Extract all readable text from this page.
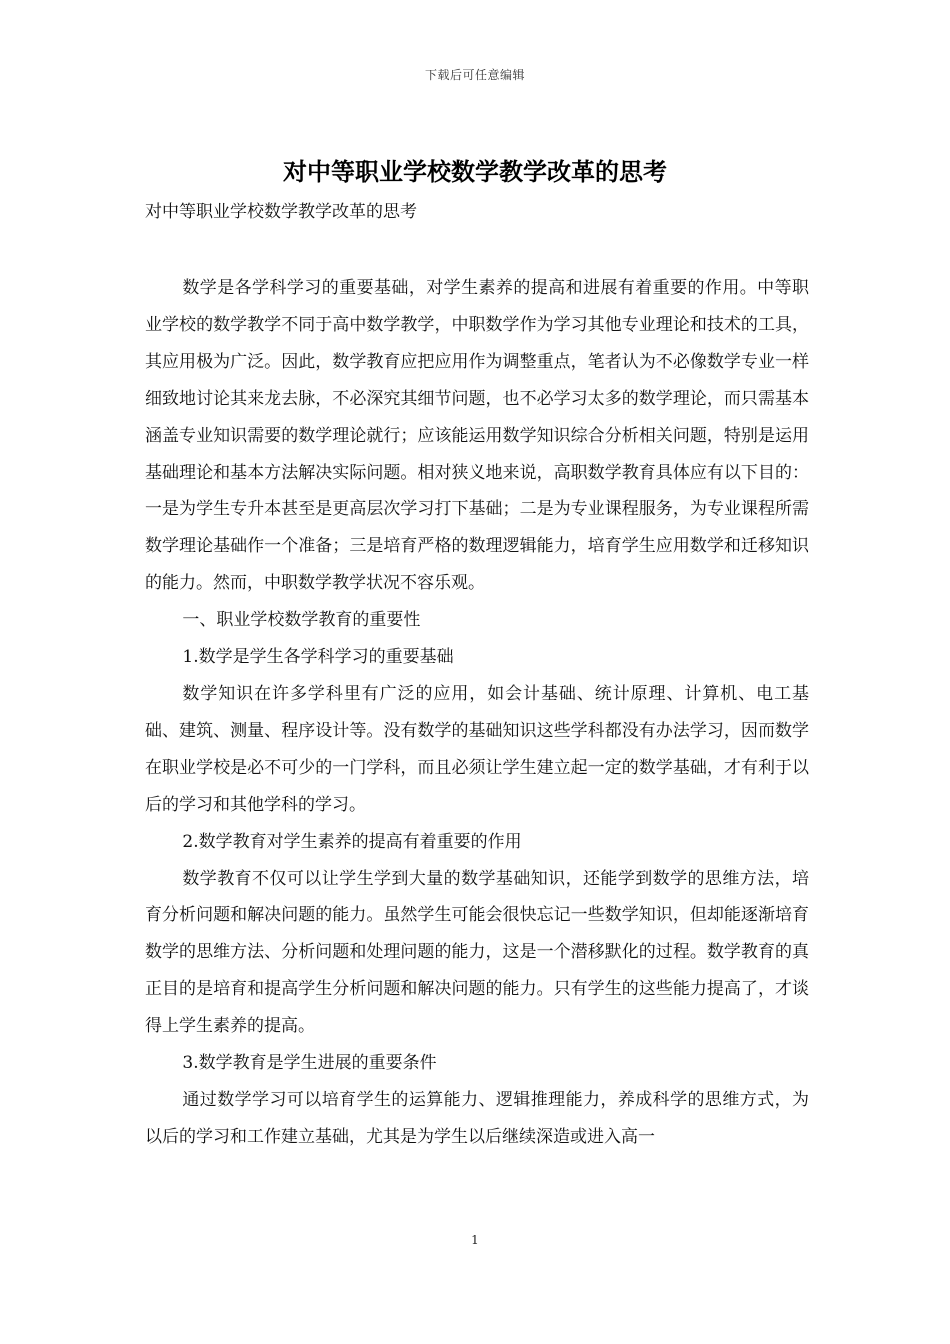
下载后可任意编辑
对中等职业学校数学教学改革的思考
对中等职业学校数学教学改革的思考

数学是各学科学习的重要基础，对学生素养的提高和进展有着重要的作用。中等职业学校的数学教学不同于高中数学教学，中职数学作为学习其他专业理论和技术的工具，其应用极为广泛。因此，数学教育应把应用作为调整重点，笔者认为不必像数学专业一样细致地讨论其来龙去脉，不必深究其细节问题，也不必学习太多的数学理论，而只需基本涵盖专业知识需要的数学理论就行；应该能运用数学知识综合分析相关问题，特别是运用基础理论和基本方法解决实际问题。相对狭义地来说，高职数学教育具体应有以下目的：一是为学生专升本甚至是更高层次学习打下基础；二是为专业课程服务，为专业课程所需数学理论基础作一个准备；三是培育严格的数理逻辑能力，培育学生应用数学和迁移知识的能力。然而，中职数学教学状况不容乐观。

一、职业学校数学教育的重要性

1.数学是学生各学科学习的重要基础

数学知识在许多学科里有广泛的应用，如会计基础、统计原理、计算机、电工基础、建筑、测量、程序设计等。没有数学的基础知识这些学科都没有办法学习，因而数学在职业学校是必不可少的一门学科，而且必须让学生建立起一定的数学基础，才有利于以后的学习和其他学科的学习。

2.数学教育对学生素养的提高有着重要的作用

数学教育不仅可以让学生学到大量的数学基础知识，还能学到数学的思维方法，培育分析问题和解决问题的能力。虽然学生可能会很快忘记一些数学知识，但却能逐渐培育数学的思维方法、分析问题和处理问题的能力，这是一个潜移默化的过程。数学教育的真正目的是培育和提高学生分析问题和解决问题的能力。只有学生的这些能力提高了，才谈得上学生素养的提高。

3.数学教育是学生进展的重要条件

通过数学学习可以培育学生的运算能力、逻辑推理能力，养成科学的思维方式，为以后的学习和工作建立基础，尤其是为学生以后继续深造或进入高一

1
